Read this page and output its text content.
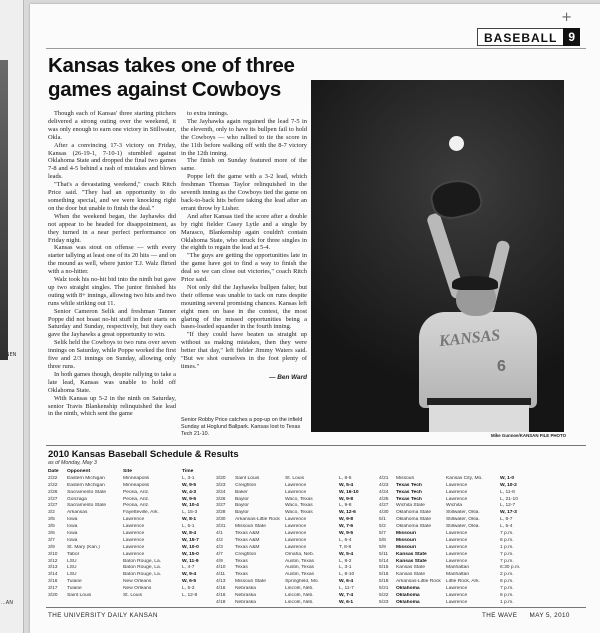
...NEN
...AN
+
BASEBALL 9
Kansas takes one of three games against Cowboys

Though each of Kansas' three starting pitchers delivered a strong outing over the weekend, it was only enough to earn one victory in Stillwater, Okla.

After a convincing 17-3 victory on Friday, Kansas (26-19-1, 7-10-1) stumbled against Oklahoma State and dropped the final two games 7-8 and 4-5 behind a rash of mistakes and blown leads.

"That's a devastating weekend," coach Ritch Price said. "They had an opportunity to do something special, and we were knocking right on the door but unable to finish the deal."

When the weekend began, the Jayhawks did not appear to be headed for disappointment, as they turned in a near perfect performance on Friday night.

Kansas was stout on offense — with every starter tallying at least one of its 20 hits — and on the mound as well, where junior T.J. Walz flirted with a no-hitter.

Walz took his no-hit bid into the ninth but gave up two straight singles. The junior finished his outing with 8+ innings, allowing two hits and two runs while striking out 11.

Senior Cameron Selik and freshman Tanner Poppe did not boast no-hit stuff in their starts on Saturday and Sunday, respectively, but they each gave the Jayhawks a great opportunity to win.

Selik held the Cowboys to two runs over seven innings on Saturday, while Poppe worked the first five and 2/3 innings on Sunday, allowing only three runs.

In both games though, despite rallying to take a late lead, Kansas was unable to hold off Oklahoma State.

With Kansas up 5-2 in the ninth on Saturday, senior Travis Blankenship relinquished the lead in the ninth, which sent the game

to extra innings.

The Jayhawks again regained the lead 7-5 in the eleventh, only to have its bullpen fail to hold the Cowboys — who rallied to tie the score in the 11th before walking off with the 8-7 victory in the 12th inning.

The finish on Sunday featured more of the same.

Poppe left the game with a 3-2 lead, which freshman Thomas Taylor relinquished in the seventh inning as the Cowboys tied the game on back-to-back hits before taking the lead after an errant throw by Lisher.

And after Kansas tied the score after a double by right fielder Casey Lytle and a single by Marasco, Blankenship again couldn't contain Oklahoma State, who struck for three singles in the eighth to regain the lead at 5-4.

"The guys are getting the opportunities late in the game have got to find a way to finish the deal so we can close out victories," coach Ritch Price said.

Not only did the Jayhawks bullpen falter, but their offense was unable to tack on runs despite mounting several promising chances. Kansas left eight men on base in the contest, the most glaring of the missed opportunities being a bases-loaded squander in the fourth inning.

"If they could have beaten us straight up without us making mistakes, then they were better that day," left fielder Jimmy Waters said. "But we shot ourselves in the foot plenty of times."

— Ben Ward

KANSAS
6
Mike Gunnoe/KANSAN FILE PHOTO
Senior Robby Price catches a pop-up on the infield Sunday at Hoglund Ballpark. Kansas lost to Texas Tech 21-10.
2010 Kansas Baseball Schedule & Results
as of Monday, May 3
Date	Opponent	Site	Time
2/22	Eastern Michigan	Minneapolis	L, 3-1
2/22	Eastern Michigan	Minneapolis	W, 9-5
2/26	Sacramento State	Peoria, Ariz.	W, 4-3
2/27	Gonzaga	Peoria, Ariz.	W, 9-5
2/27	Sacramento State	Peoria, Ariz.	W, 10-4
3/2	Arkansas	Fayetteville, Ark.	L, 15-3
3/5	Iowa	Lawrence	W, 8-1
3/5	Iowa	Lawrence	L, 5-1
3/6	Iowa	Lawrence	W, 8-4
3/7	Iowa	Lawrence	W, 15-7
3/9	St. Mary (Kan.)	Lawrence	W, 10-0
3/10	Tabor	Lawrence	W, 15-0
3/12	LSU	Baton Rouge, La.	W, 11-9
3/13	LSU	Baton Rouge, La.	L, 4-7
3/14	LSU	Baton Rouge, La.	W, 9-4
3/16	Tulane	New Orleans	W, 6-5
3/17	Tulane	New Orleans	L, 5-3
3/20	Saint Louis	St. Louis	L, 12-8
3/20	Saint Louis	St. Louis	L, 8-5
3/23	Creighton	Lawrence	W, 5-4
3/24	Baker	Lawrence	W, 16-10
3/26	Baylor	Waco, Texas	W, 9-8
3/27	Baylor	Waco, Texas	L, 9-8
3/28	Baylor	Waco, Texas	W, 12-6
3/30	Arkansas-Little Rock	Lawrence	W, 9-8
3/31	Missouri State	Lawrence	W, 7-6
4/1	Texas A&M	Lawrence	W, 9-5
4/2	Texas A&M	Lawrence	L, 6-4
4/3	Texas A&M	Lawrence	T, 8-8
4/7	Creighton	Omaha, Neb.	W, 5-4
4/9	Texas	Austin, Texas	L, 8-2
4/10	Texas	Austin, Texas	L, 3-1
4/11	Texas	Austin, Texas	L, 8-10
4/13	Missouri State	Springfield, Mo.	W, 6-4
4/16	Nebraska	Lincoln, Neb.	L, 11-7
4/16	Nebraska	Lincoln, Neb.	W, 7-4
4/18	Nebraska	Lincoln, Neb.	W, 6-1
4/21	Missouri	Kansas City, Mo.	W, 1-0
4/23	Texas Tech	Lawrence	W, 10-2
4/24	Texas Tech	Lawrence	L, 11-8
4/25	Texas Tech	Lawrence	L, 21-10
4/27	Wichita State	Wichita	L, 12-7
4/30	Oklahoma State	Stillwater, Okla.	W, 17-3
5/1	Oklahoma State	Stillwater, Okla.	L, 8-7
5/2	Oklahoma State	Stillwater, Okla.	L, 5-4
5/7	Missouri	Lawrence	7 p.m.
5/8	Missouri	Lawrence	6 p.m.
5/9	Missouri	Lawrence	1 p.m.
5/11	Kansas State	Lawrence	7 p.m.
5/14	Kansas State	Lawrence	7 p.m.
5/15	Kansas State	Manhattan	6:30 p.m.
5/16	Kansas State	Manhattan	2 p.m.
5/18	Arkansas-Little Rock	Little Rock, Ark.	6 p.m.
5/21	Oklahoma	Lawrence	7 p.m.
5/22	Oklahoma	Lawrence	6 p.m.
5/23	Oklahoma	Lawrence	1 p.m.
THE UNIVERSITY DAILY KANSAN	THE WAVE MAY 5, 2010
